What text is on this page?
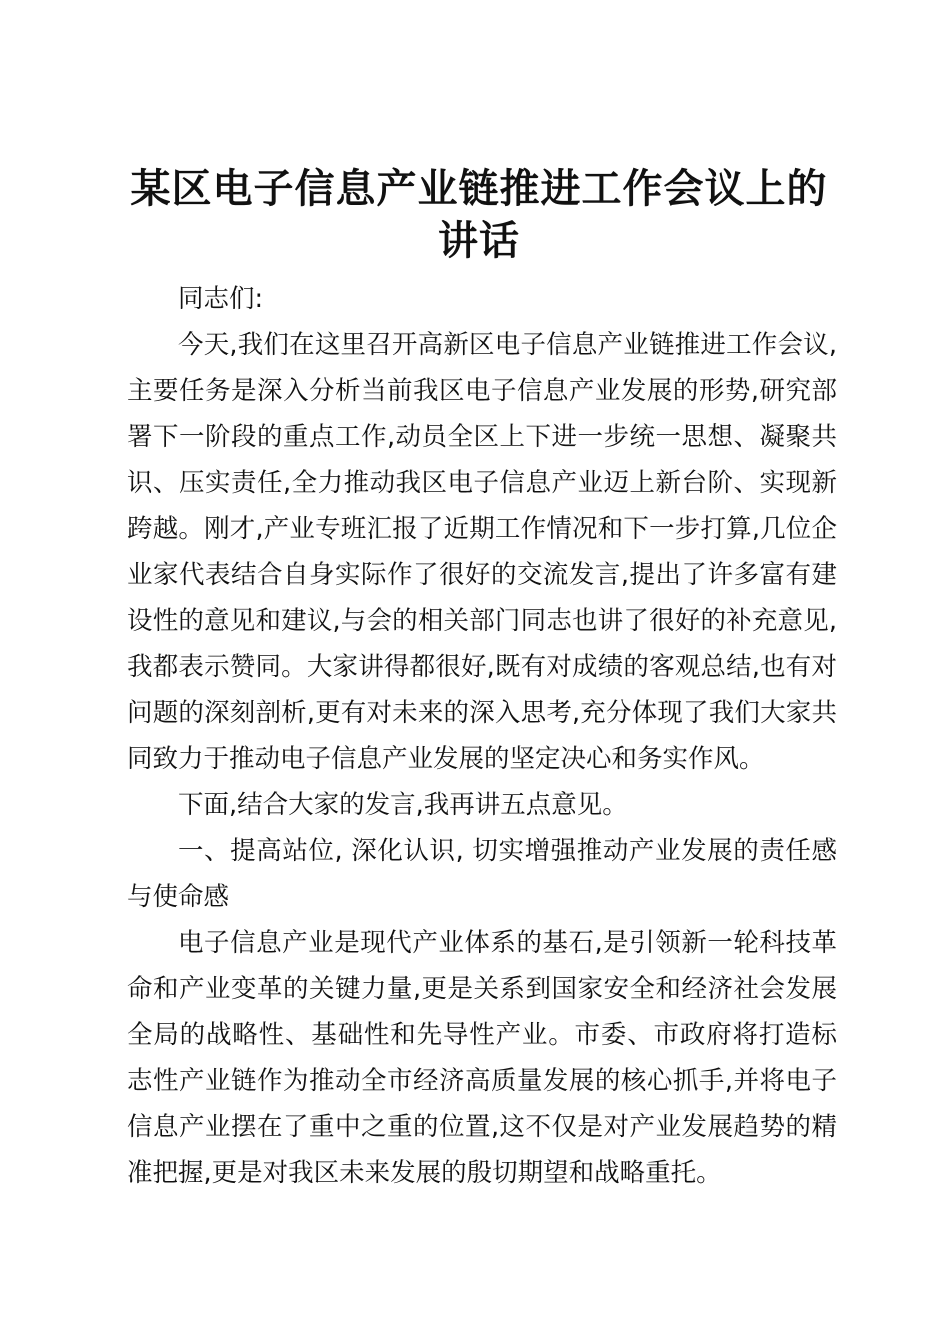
某区电子信息产业链推进工作会议上的讲话

同志们:

今天,我们在这里召开高新区电子信息产业链推进工作会议,主要任务是深入分析当前我区电子信息产业发展的形势,研究部署下一阶段的重点工作,动员全区上下进一步统一思想、凝聚共识、压实责任,全力推动我区电子信息产业迈上新台阶、实现新跨越。刚才,产业专班汇报了近期工作情况和下一步打算,几位企业家代表结合自身实际作了很好的交流发言,提出了许多富有建设性的意见和建议,与会的相关部门同志也讲了很好的补充意见,我都表示赞同。大家讲得都很好,既有对成绩的客观总结,也有对问题的深刻剖析,更有对未来的深入思考,充分体现了我们大家共同致力于推动电子信息产业发展的坚定决心和务实作风。

下面,结合大家的发言,我再讲五点意见。

一、提高站位, 深化认识, 切实增强推动产业发展的责任感与使命感

电子信息产业是现代产业体系的基石,是引领新一轮科技革命和产业变革的关键力量,更是关系到国家安全和经济社会发展全局的战略性、基础性和先导性产业。市委、市政府将打造标志性产业链作为推动全市经济高质量发展的核心抓手,并将电子信息产业摆在了重中之重的位置,这不仅是对产业发展趋势的精准把握,更是对我区未来发展的殷切期望和战略重托。
